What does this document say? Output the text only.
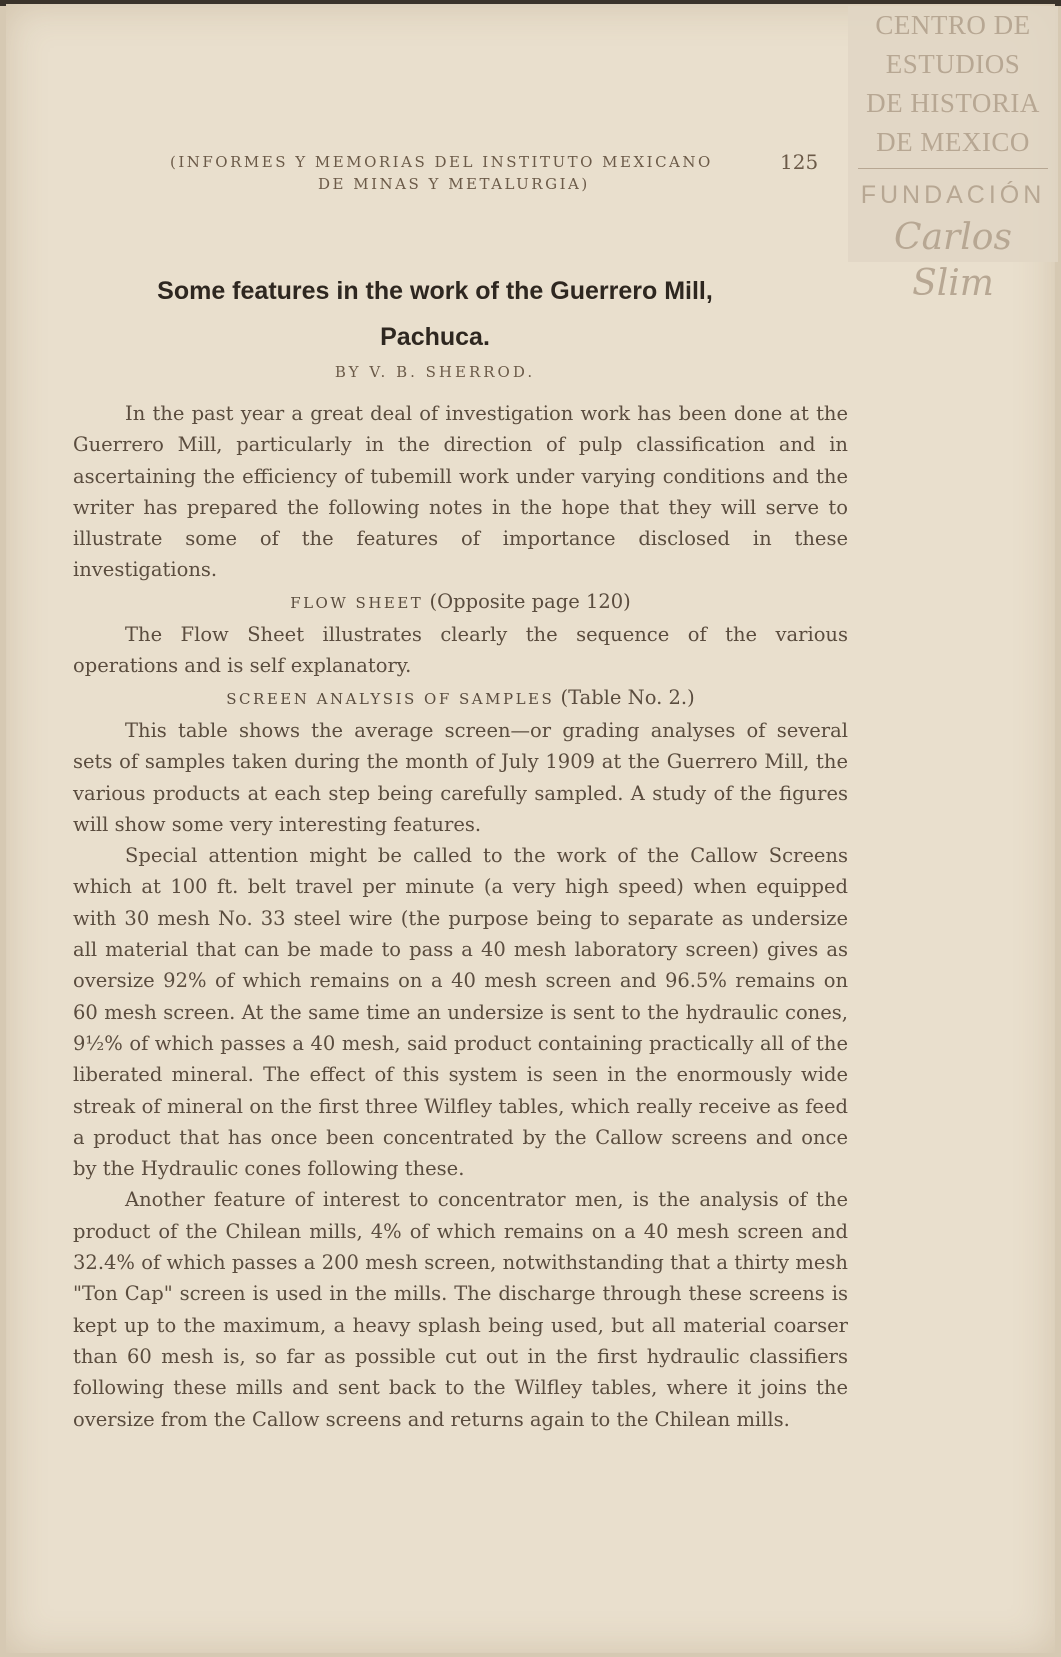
CENTRO DE
ESTUDIOS
DE HISTORIA
DE MEXICO
FUNDACIÓN
Carlos Slim
(INFORMES Y MEMORIAS DEL INSTITUTO MEXICANO
DE MINAS Y METALURGIA)
125
Some features in the work of the Guerrero Mill,
Pachuca.
BY V. B. SHERROD.

In the past year a great deal of investigation work has been done at the Guerrero Mill, particularly in the direction of pulp classification and in ascertaining the efficiency of tubemill work under varying conditions and the writer has prepared the following notes in the hope that they will serve to illustrate some of the features of importance disclosed in these investigations.

FLOW SHEET (Opposite page 120)

The Flow Sheet illustrates clearly the sequence of the various operations and is self explanatory.

SCREEN ANALYSIS OF SAMPLES (Table No. 2.)

This table shows the average screen—or grading analyses of several sets of samples taken during the month of July 1909 at the Guerrero Mill, the various products at each step being carefully sampled. A study of the figures will show some very interesting features.

Special attention might be called to the work of the Callow Screens which at 100 ft. belt travel per minute (a very high speed) when equipped with 30 mesh No. 33 steel wire (the purpose being to separate as undersize all material that can be made to pass a 40 mesh laboratory screen) gives as oversize 92% of which remains on a 40 mesh screen and 96.5% remains on 60 mesh screen. At the same time an undersize is sent to the hydraulic cones, 9½% of which passes a 40 mesh, said product containing practically all of the liberated mineral. The effect of this system is seen in the enormously wide streak of mineral on the first three Wilfley tables, which really receive as feed a product that has once been concentrated by the Callow screens and once by the Hydraulic cones following these.

Another feature of interest to concentrator men, is the analysis of the product of the Chilean mills, 4% of which remains on a 40 mesh screen and 32.4% of which passes a 200 mesh screen, notwithstanding that a thirty mesh "Ton Cap" screen is used in the mills. The discharge through these screens is kept up to the maximum, a heavy splash being used, but all material coarser than 60 mesh is, so far as possible cut out in the first hydraulic classifiers following these mills and sent back to the Wilfley tables, where it joins the oversize from the Callow screens and returns again to the Chilean mills.
